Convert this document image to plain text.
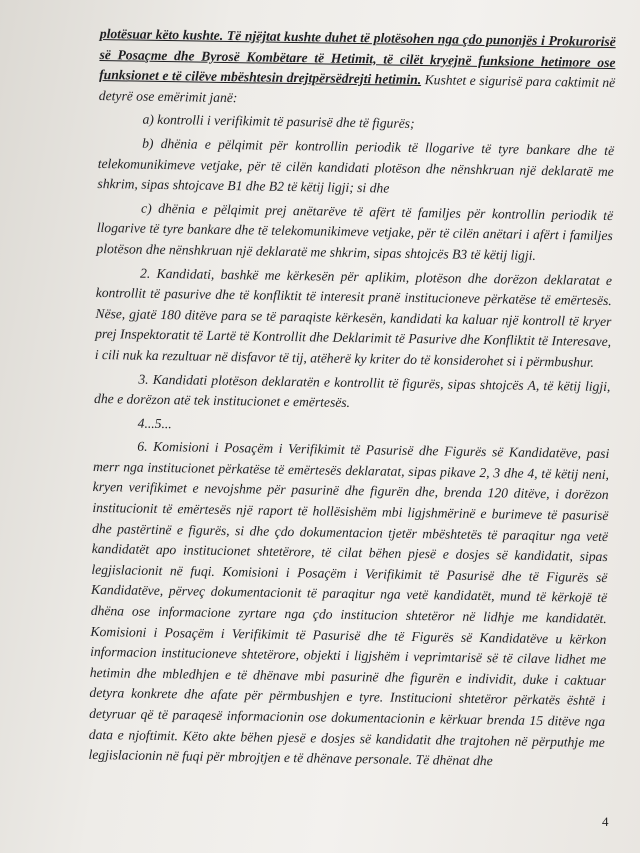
plotësuar këto kushte. Të njëjtat kushte duhet të plotësohen nga çdo punonjës i Prokurorisë së Posaçme dhe Byrosë Kombëtare të Hetimit, të cilët kryejnë funksione hetimore ose funksionet e të cilëve mbështesin drejtpërsëdrejti hetimin. Kushtet e sigurisë para caktimit në detyrë ose emërimit janë:

a) kontrolli i verifikimit të pasurisë dhe të figurës;

b) dhënia e pëlqimit për kontrollin periodik të llogarive të tyre bankare dhe të telekomunikimeve vetjake, për të cilën kandidati plotëson dhe nënshkruan një deklaratë me shkrim, sipas shtojcave B1 dhe B2 të këtij ligji; si dhe

c) dhënia e pëlqimit prej anëtarëve të afërt të familjes për kontrollin periodik të llogarive të tyre bankare dhe të telekomunikimeve vetjake, për të cilën anëtari i afërt i familjes plotëson dhe nënshkruan një deklaratë me shkrim, sipas shtojcës B3 të këtij ligji.

2. Kandidati, bashkë me kërkesën për aplikim, plotëson dhe dorëzon deklaratat e kontrollit të pasurive dhe të konfliktit të interesit pranë institucioneve përkatëse të emërtesës. Nëse, gjatë 180 ditëve para se të paraqiste kërkesën, kandidati ka kaluar një kontroll të kryer prej Inspektoratit të Lartë të Kontrollit dhe Deklarimit të Pasurive dhe Konfliktit të Interesave, i cili nuk ka rezultuar në disfavor të tij, atëherë ky kriter do të konsiderohet si i përmbushur.

3. Kandidati plotëson deklaratën e kontrollit të figurës, sipas shtojcës A, të këtij ligji, dhe e dorëzon atë tek institucionet e emërtesës.

4...5...

6. Komisioni i Posaçëm i Verifikimit të Pasurisë dhe Figurës së Kandidatëve, pasi merr nga institucionet përkatëse të emërtesës deklaratat, sipas pikave 2, 3 dhe 4, të këtij neni, kryen verifikimet e nevojshme për pasurinë dhe figurën dhe, brenda 120 ditëve, i dorëzon institucionit të emërtesës një raport të hollësishëm mbi ligjshmërinë e burimeve të pasurisë dhe pastërtinë e figurës, si dhe çdo dokumentacion tjetër mbështetës të paraqitur nga vetë kandidatët apo institucionet shtetërore, të cilat bëhen pjesë e dosjes së kandidatit, sipas legjislacionit në fuqi. Komisioni i Posaçëm i Verifikimit të Pasurisë dhe të Figurës së Kandidatëve, përveç dokumentacionit të paraqitur nga vetë kandidatët, mund të kërkojë të dhëna ose informacione zyrtare nga çdo institucion shtetëror në lidhje me kandidatët. Komisioni i Posaçëm i Verifikimit të Pasurisë dhe të Figurës së Kandidatëve u kërkon informacion institucioneve shtetërore, objekti i ligjshëm i veprimtarisë së të cilave lidhet me hetimin dhe mbledhjen e të dhënave mbi pasurinë dhe figurën e individit, duke i caktuar detyra konkrete dhe afate për përmbushjen e tyre. Institucioni shtetëror përkatës është i detyruar që të paraqesë informacionin ose dokumentacionin e kërkuar brenda 15 ditëve nga data e njoftimit. Këto akte bëhen pjesë e dosjes së kandidatit dhe trajtohen në përputhje me legjislacionin në fuqi për mbrojtjen e të dhënave personale. Të dhënat dhe

4
